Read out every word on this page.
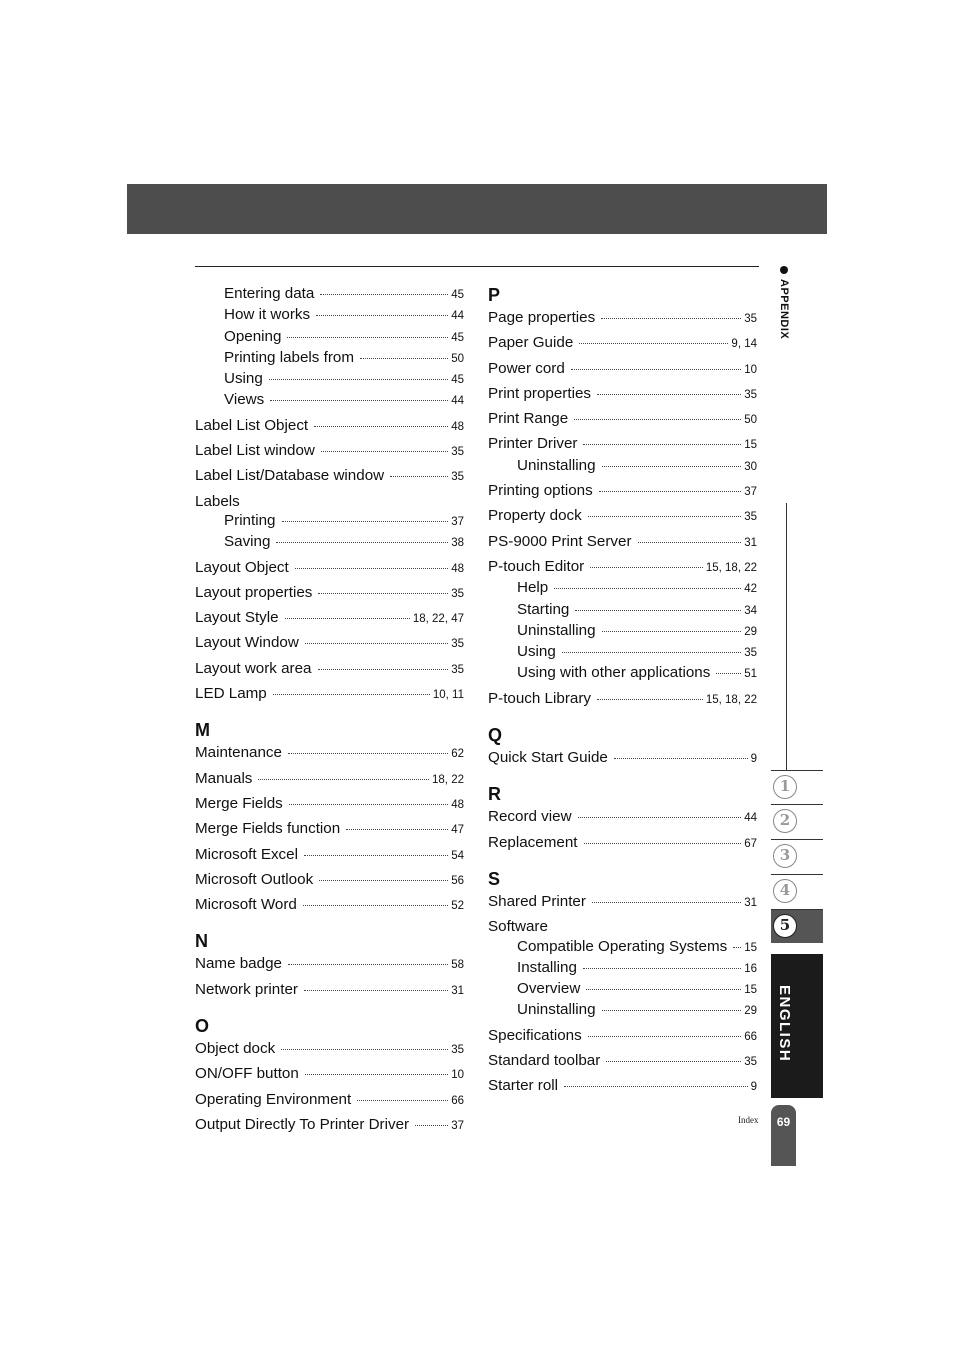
Entering data	45
How it works	44
Opening	45
Printing labels from	50
Using	45
Views	44
Label List Object	48
Label List window	35
Label List/Database window	35
Labels
Printing	37
Saving	38
Layout Object	48
Layout properties	35
Layout Style	18, 22, 47
Layout Window	35
Layout work area	35
LED Lamp	10, 11
M
Maintenance	62
Manuals	18, 22
Merge Fields	48
Merge Fields function	47
Microsoft Excel	54
Microsoft Outlook	56
Microsoft Word	52
N
Name badge	58
Network printer	31
O
Object dock	35
ON/OFF button	10
Operating Environment	66
Output Directly To Printer Driver	37
P
Page properties	35
Paper Guide	9, 14
Power cord	10
Print properties	35
Print Range	50
Printer Driver	15
Uninstalling	30
Printing options	37
Property dock	35
PS-9000 Print Server	31
P-touch Editor	15, 18, 22
Help	42
Starting	34
Uninstalling	29
Using	35
Using with other applications	51
P-touch Library	15, 18, 22
Q
Quick Start Guide	9
R
Record view	44
Replacement	67
S
Shared Printer	31
Software
Compatible Operating Systems 15
Installing	16
Overview	15
Uninstalling	29
Specifications	66
Standard toolbar	35
Starter roll	9
APPENDIX
1
2
3
4
5
ENGLISH
Index	69
